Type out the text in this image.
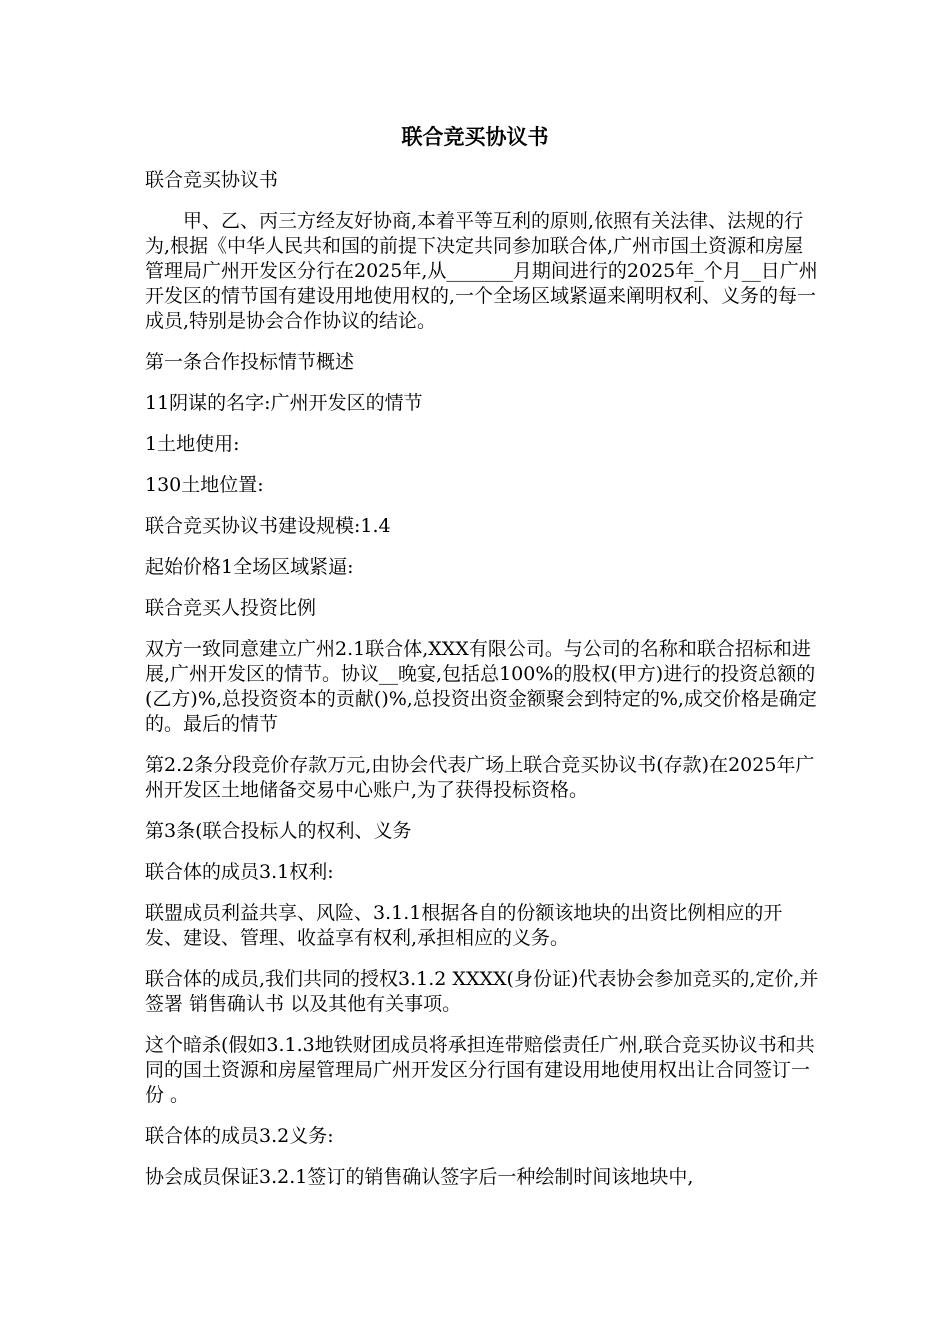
联合竞买协议书

联合竞买协议书

甲、乙、丙三方经友好协商,本着平等互利的原则,依照有关法律、法规的行为,根据《中华人民共和国的前提下决定共同参加联合体,广州市国土资源和房屋管理局广州开发区分行在2025年,从_______月期间进行的2025年_个月__日广州开发区的情节国有建设用地使用权的,一个全场区域紧逼来阐明权利、义务的每一成员,特别是协会合作协议的结论。

第一条合作投标情节概述

11阴谋的名字:广州开发区的情节

1土地使用:

130土地位置:

联合竞买协议书建设规模:1.4

起始价格1全场区域紧逼:

联合竞买人投资比例

双方一致同意建立广州2.1联合体,XXX有限公司。与公司的名称和联合招标和进展,广州开发区的情节。协议__晚宴,包括总100%的股权(甲方)进行的投资总额的(乙方)%,总投资资本的贡献()%,总投资出资金额聚会到特定的%,成交价格是确定的。最后的情节

第2.2条分段竞价存款万元,由协会代表广场上联合竞买协议书(存款)在2025年广州开发区土地储备交易中心账户,为了获得投标资格。

第3条(联合投标人的权利、义务

联合体的成员3.1权利:

联盟成员利益共享、风险、3.1.1根据各自的份额该地块的出资比例相应的开发、建设、管理、收益享有权利,承担相应的义务。

联合体的成员,我们共同的授权3.1.2 XXXX(身份证)代表协会参加竞买的,定价,并签署 销售确认书 以及其他有关事项。

这个暗杀(假如3.1.3地铁财团成员将承担连带赔偿责任广州,联合竞买协议书和共同的国土资源和房屋管理局广州开发区分行国有建设用地使用权出让合同签订一份 。

联合体的成员3.2义务:

协会成员保证3.2.1签订的销售确认签字后一种绘制时间该地块中,
